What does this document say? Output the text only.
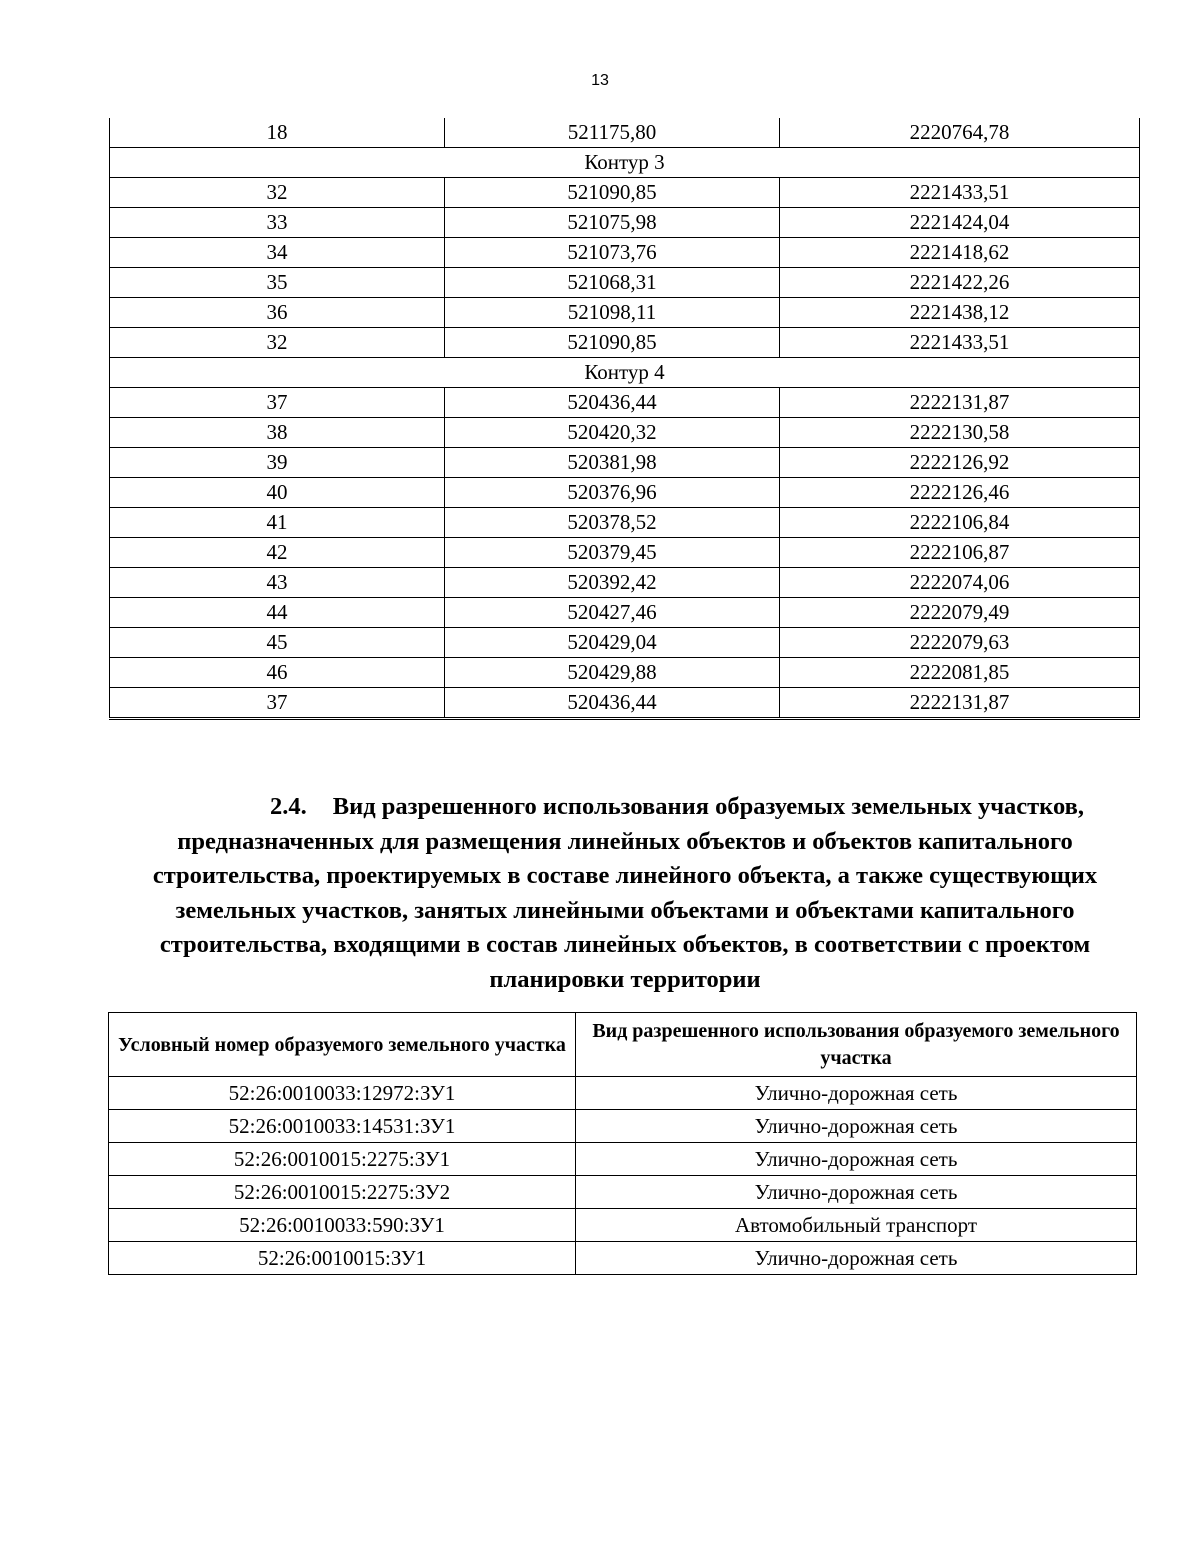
13
18	521175,80	2220764,78
Контур 3		
32	521090,85	2221433,51
33	521075,98	2221424,04
34	521073,76	2221418,62
35	521068,31	2221422,26
36	521098,11	2221438,12
32	521090,85	2221433,51
Контур 4		
37	520436,44	2222131,87
38	520420,32	2222130,58
39	520381,98	2222126,92
40	520376,96	2222126,46
41	520378,52	2222106,84
42	520379,45	2222106,87
43	520392,42	2222074,06
44	520427,46	2222079,49
45	520429,04	2222079,63
46	520429,88	2222081,85
37	520436,44	2222131,87
2.4. Вид разрешенного использования образуемых земельных участков, предназначенных для размещения линейных объектов и объектов капитального строительства, проектируемых в составе линейного объекта, а также существующих земельных участков, занятых линейными объектами и объектами капитального строительства, входящими в состав линейных объектов, в соответствии с проектом планировки территории
Условный номер образуемого земельного участка	Вид разрешенного использования образуемого земельного участка
52:26:0010033:12972:ЗУ1	Улично-дорожная сеть
52:26:0010033:14531:ЗУ1	Улично-дорожная сеть
52:26:0010015:2275:ЗУ1	Улично-дорожная сеть
52:26:0010015:2275:ЗУ2	Улично-дорожная сеть
52:26:0010033:590:ЗУ1	Автомобильный транспорт
52:26:0010015:ЗУ1	Улично-дорожная сеть
